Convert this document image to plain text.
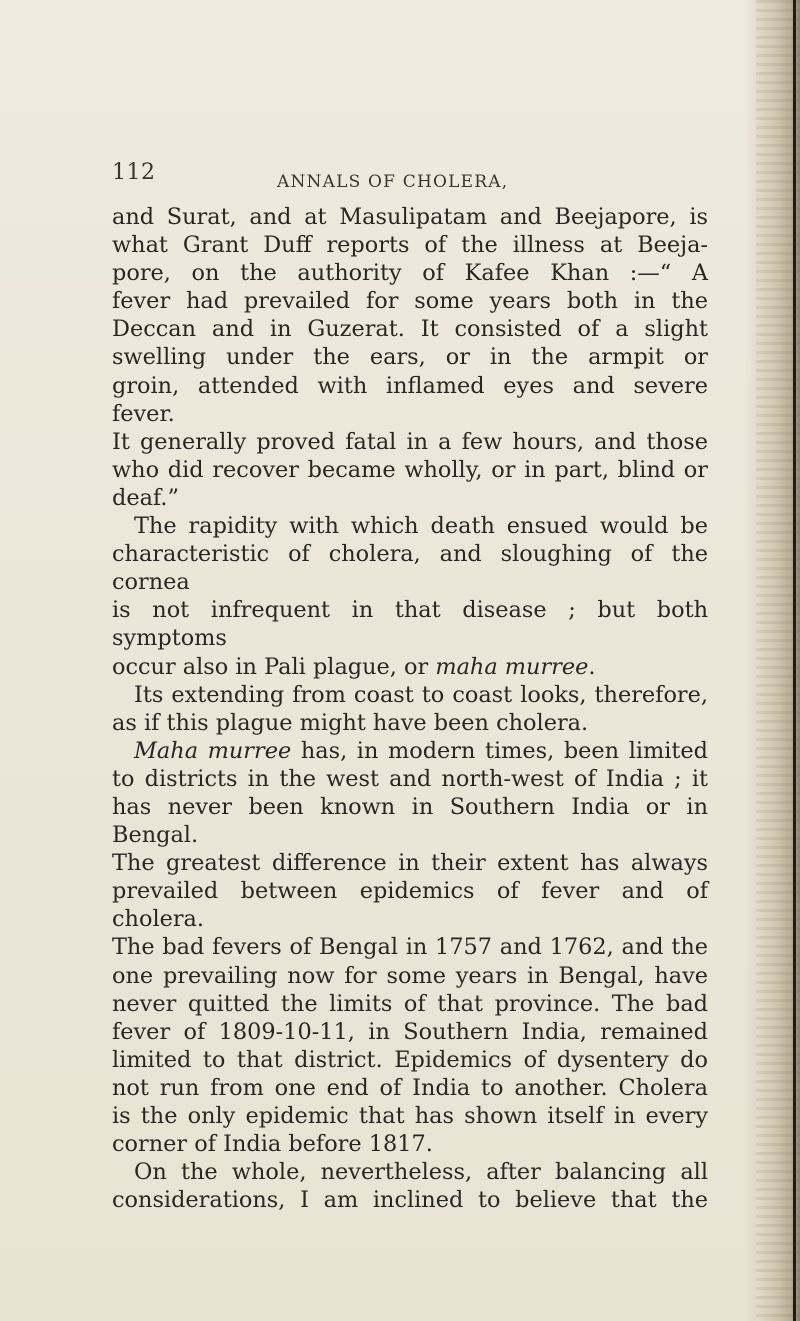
112	ANNALS OF CHOLERA,

and Surat, and at Masulipatam and Beejapore, is

what Grant Duff reports of the illness at Beeja-

pore, on the authority of Kafee Khan :—“ A

fever had prevailed for some years both in the

Deccan and in Guzerat. It consisted of a slight

swelling under the ears, or in the armpit or

groin, attended with inflamed eyes and severe fever.

It generally proved fatal in a few hours, and those

who did recover became wholly, or in part, blind or

deaf.”

The rapidity with which death ensued would be

characteristic of cholera, and sloughing of the cornea

is not infrequent in that disease ; but both symptoms

occur also in Pali plague, or maha murree.

Its extending from coast to coast looks, therefore,

as if this plague might have been cholera.

Maha murree has, in modern times, been limited

to districts in the west and north-west of India ; it

has never been known in Southern India or in Bengal.

The greatest difference in their extent has always

prevailed between epidemics of fever and of cholera.

The bad fevers of Bengal in 1757 and 1762, and the

one prevailing now for some years in Bengal, have

never quitted the limits of that province. The bad

fever of 1809-10-11, in Southern India, remained

limited to that district. Epidemics of dysentery do

not run from one end of India to another. Cholera

is the only epidemic that has shown itself in every

corner of India before 1817.

On the whole, nevertheless, after balancing all

considerations, I am inclined to believe that the
